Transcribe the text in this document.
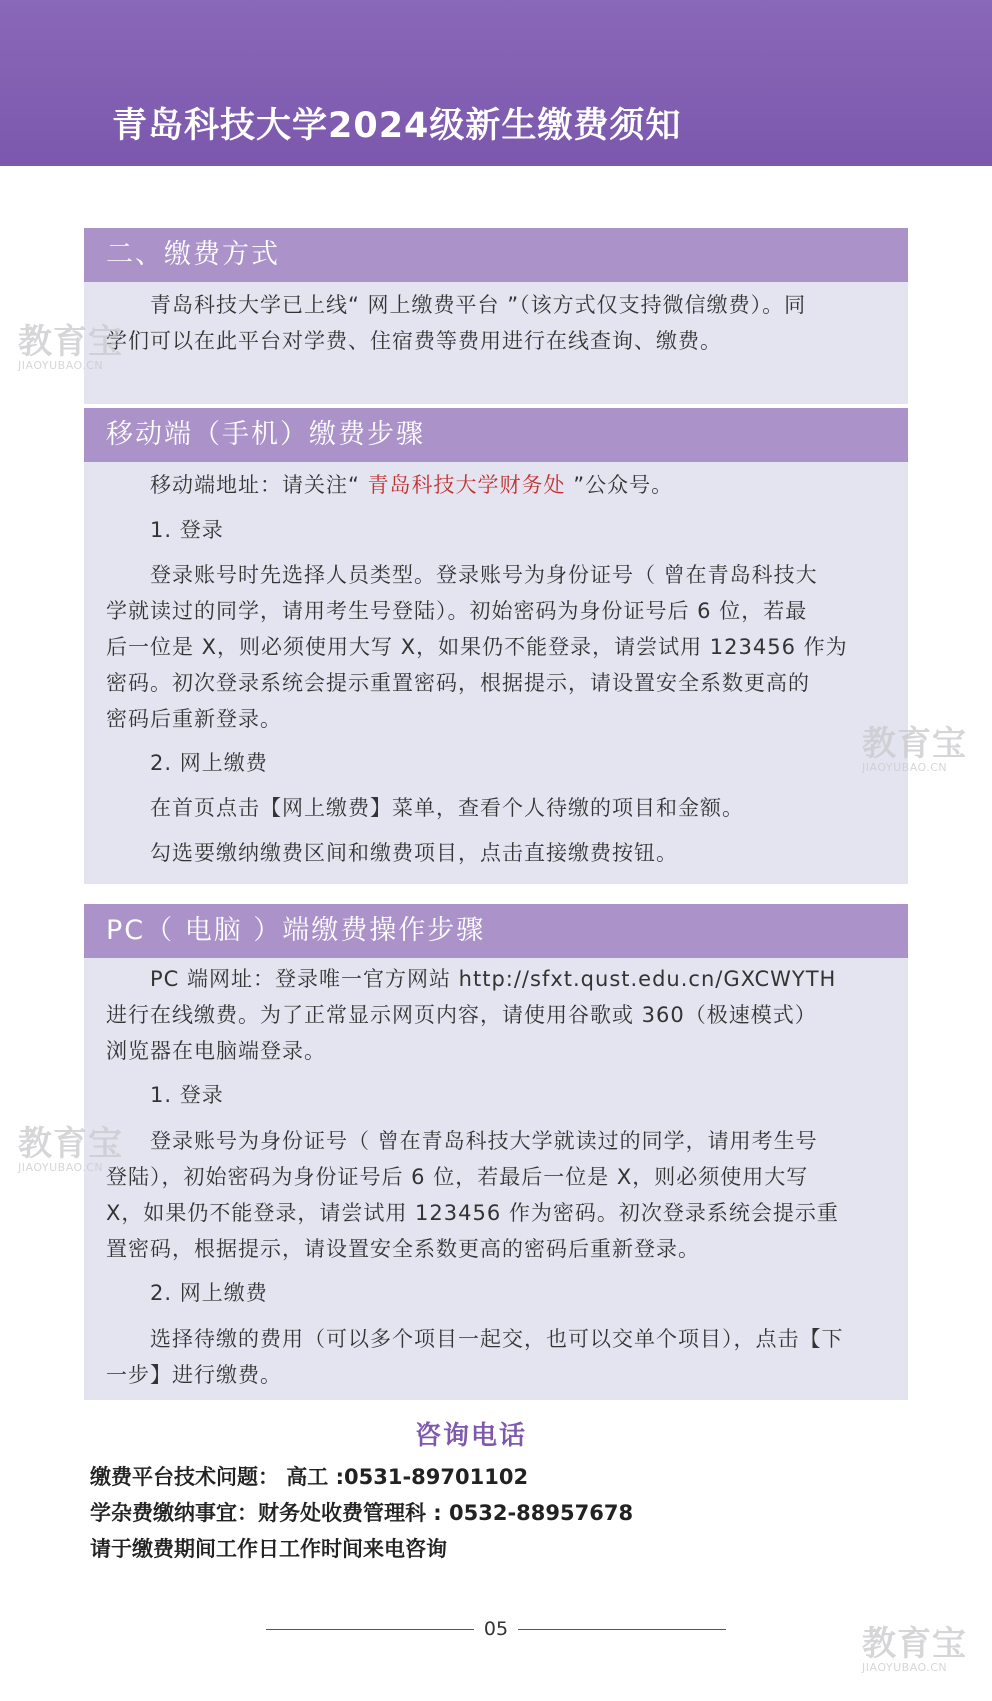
青岛科技大学2024级新生缴费须知
二、缴费方式
青岛科技大学已上线“ 网上缴费平台 ”（该方式仅支持微信缴费）。同
学们可以在此平台对学费、住宿费等费用进行在线查询、缴费。
移动端（手机）缴费步骤
移动端地址：请关注“ 青岛科技大学财务处 ”公众号。
1. 登录
登录账号时先选择人员类型。登录账号为身份证号（ 曾在青岛科技大
学就读过的同学，请用考生号登陆）。初始密码为身份证号后 6 位，若最
后一位是 X，则必须使用大写 X，如果仍不能登录，请尝试用 123456 作为
密码。初次登录系统会提示重置密码，根据提示，请设置安全系数更高的
密码后重新登录。
2. 网上缴费
在首页点击【网上缴费】菜单，查看个人待缴的项目和金额。
勾选要缴纳缴费区间和缴费项目，点击直接缴费按钮。
PC（ 电脑 ）端缴费操作步骤
PC 端网址：登录唯一官方网站 http://sfxt.qust.edu.cn/GXCWYTH
进行在线缴费。为了正常显示网页内容，请使用谷歌或 360（极速模式）
浏览器在电脑端登录。
1. 登录
登录账号为身份证号（ 曾在青岛科技大学就读过的同学，请用考生号
登陆），初始密码为身份证号后 6 位，若最后一位是 X，则必须使用大写
X，如果仍不能登录，请尝试用 123456 作为密码。初次登录系统会提示重
置密码，根据提示，请设置安全系数更高的密码后重新登录。
2. 网上缴费
选择待缴的费用（可以多个项目一起交，也可以交单个项目），点击【下
一步】进行缴费。
咨询电话
缴费平台技术问题： 高工 :0531-89701102
学杂费缴纳事宜：财务处收费管理科 : 0532-88957678
请于缴费期间工作日工作时间来电咨询
05
教育宝
JIAOYUBAO.CN
教育宝
JIAOYUBAO.CN
教育宝
JIAOYUBAO.CN
教育宝
JIAOYUBAO.CN
